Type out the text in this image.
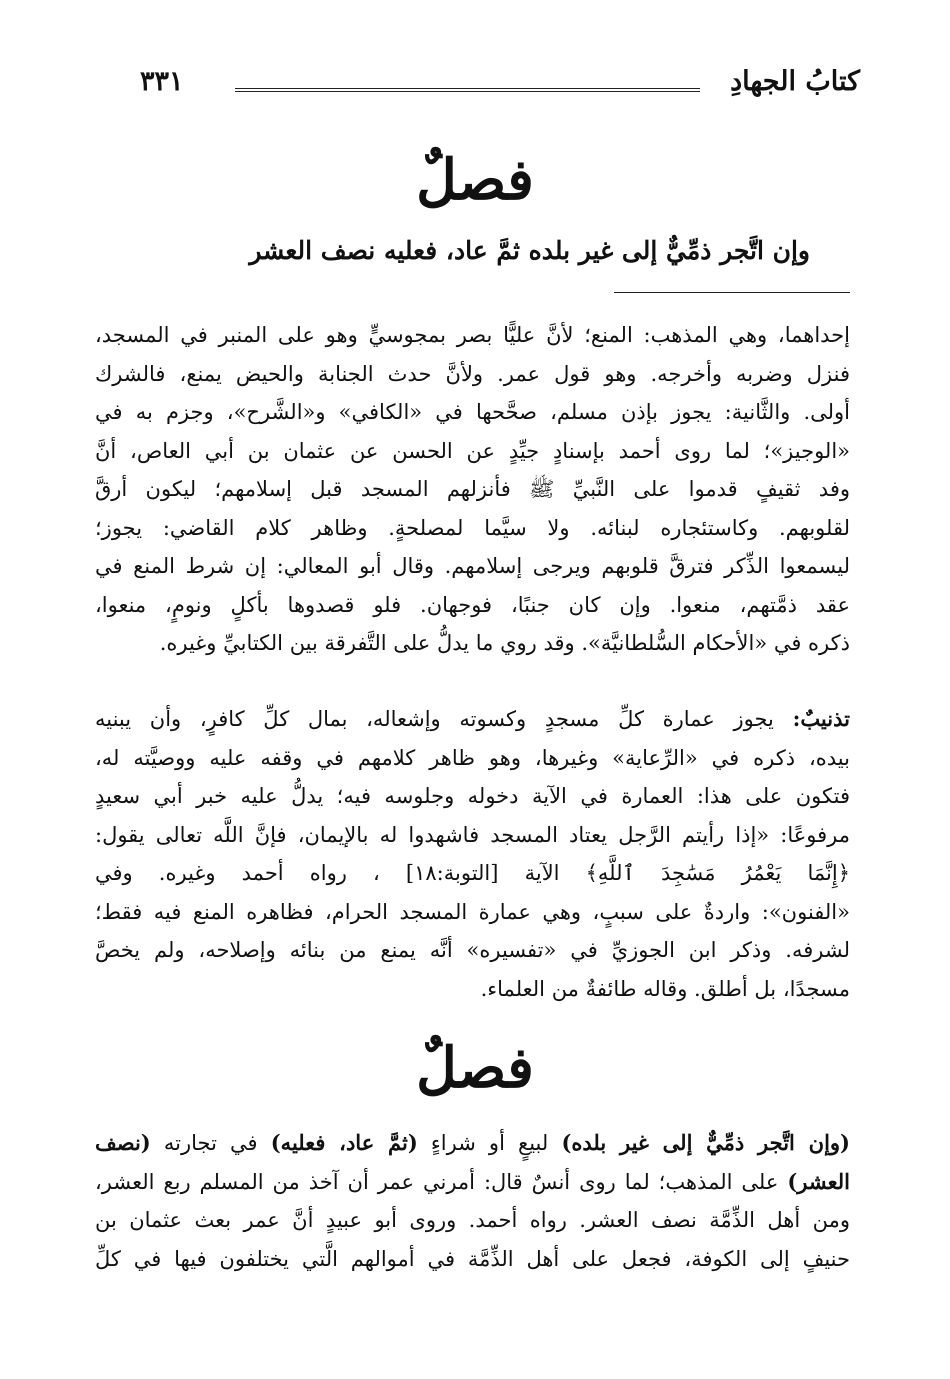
كتابُ الجهادِ
٣٣١
فصلٌ
وإن اتَّجر ذمِّيٌّ إلى غير بلده ثمَّ عاد، فعليه نصف العشر
إحداهما، وهي المذهب: المنع؛ لأنَّ عليًّا بصر بمجوسيٍّ وهو على المنبر في المسجد،
فنزل وضربه وأخرجه. وهو قول عمر. ولأنَّ حدث الجنابة والحيض يمنع، فالشرك
أولى. والثَّانية: يجوز بإذن مسلم، صحَّحها في «الكافي» و«الشَّرح»، وجزم به في
«الوجيز»؛ لما روى أحمد بإسنادٍ جيِّدٍ عن الحسن عن عثمان بن أبي العاص، أنَّ
وفد ثقيفٍ قدموا على النَّبيِّ ﷺ فأنزلهم المسجد قبل إسلامهم؛ ليكون أرقَّ
لقلوبهم. وكاستئجاره لبنائه. ولا سيَّما لمصلحةٍ. وظاهر كلام القاضي: يجوز؛
ليسمعوا الذِّكر فترقَّ قلوبهم ويرجى إسلامهم. وقال أبو المعالي: إن شرط المنع في
عقد ذمَّتهم، منعوا. وإن كان جنبًا، فوجهان. فلو قصدوها بأكلٍ ونومٍ، منعوا،
ذكره في «الأحكام السُّلطانيَّة». وقد روي ما يدلُّ على التَّفرقة بين الكتابيِّ وغيره.
تذنيبٌ: يجوز عمارة كلِّ مسجدٍ وكسوته وإشعاله، بمال كلِّ كافرٍ، وأن يبنيه
بيده، ذكره في «الرِّعاية» وغيرها، وهو ظاهر كلامهم في وقفه عليه ووصيَّته له،
فتكون على هذا: العمارة في الآية دخوله وجلوسه فيه؛ يدلُّ عليه خبر أبي سعيدٍ
مرفوعًا: «إذا رأيتم الرَّجل يعتاد المسجد فاشهدوا له بالإيمان، فإنَّ اللَّه تعالى يقول:
﴿إِنَّمَا يَعْمُرُ مَسَٰجِدَ ٱللَّهِ﴾ الآية [التوبة:١٨] ، رواه أحمد وغيره. وفي
«الفنون»: واردةٌ على سببٍ، وهي عمارة المسجد الحرام، فظاهره المنع فيه فقط؛
لشرفه. وذكر ابن الجوزيِّ في «تفسيره» أنَّه يمنع من بنائه وإصلاحه، ولم يخصَّ
مسجدًا، بل أطلق. وقاله طائفةٌ من العلماء.
فصلٌ
(وإن اتَّجر ذمِّيٌّ إلى غير بلده) لبيعٍ أو شراءٍ (ثمَّ عاد، فعليه) في تجارته (نصف
العشر) على المذهب؛ لما روى أنسٌ قال: أمرني عمر أن آخذ من المسلم ربع العشر،
ومن أهل الذِّمَّة نصف العشر. رواه أحمد. وروى أبو عبيدٍ أنَّ عمر بعث عثمان بن
حنيفٍ إلى الكوفة، فجعل على أهل الذِّمَّة في أموالهم الَّتي يختلفون فيها في كلِّ
